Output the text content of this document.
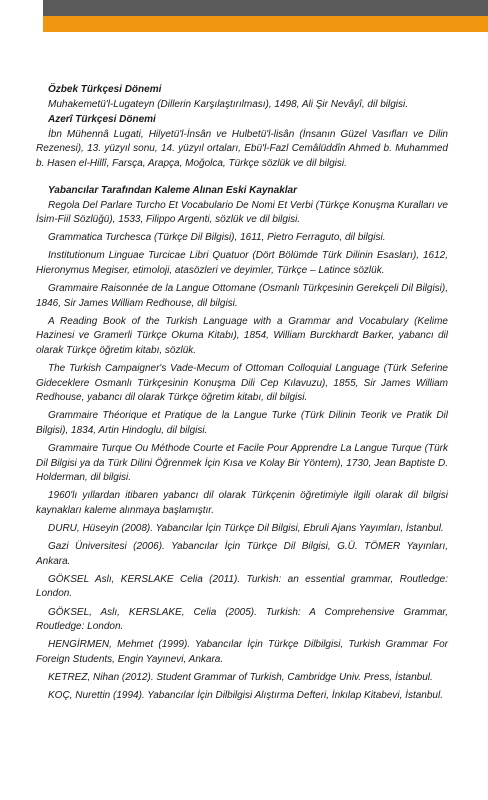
Özbek Türkçesi Dönemi

Muhakemetü'l-Lugateyn (Dillerin Karşılaştırılması), 1498, Ali Şir Nevâyî, dil bilgisi.

Azerî Türkçesi Dönemi

İbn Mühennâ Lugati, Hilyetü'l-İnsân ve Hulbetü'l-lisân (İnsanın Güzel Vasıfları ve Dilin Rezenesi), 13. yüzyıl sonu, 14. yüzyıl ortaları, Ebü'l-Fazl Cemâlüddîn Ahmed b. Muhammed b. Hasen el-Hillî, Farsça, Arapça, Moğolca, Türkçe sözlük ve dil bilgisi.

Yabancılar Tarafından Kaleme Alınan Eski Kaynaklar

Regola Del Parlare Turcho Et Vocabulario De Nomi Et Verbi (Türkçe Konuşma Kuralları ve İsim-Fiil Sözlüğü), 1533, Filippo Argenti, sözlük ve dil bilgisi.

Grammatica Turchesca (Türkçe Dil Bilgisi), 1611, Pietro Ferraguto, dil bilgisi.

Institutionum Linguae Turcicae Libri Quatuor (Dört Bölümde Türk Dilinin Esasları), 1612, Hieronymus Megiser, etimoloji, atasözleri ve deyimler, Türkçe – Latince sözlük.

Grammaire Raisonnée de la Langue Ottomane (Osmanlı Türkçesinin Gerekçeli Dil Bilgisi), 1846, Sir James William Redhouse, dil bilgisi.

A Reading Book of the Turkish Language with a Grammar and Vocabulary (Kelime Hazinesi ve Gramerli Türkçe Okuma Kitabı), 1854, William Burckhardt Barker, yabancı dil olarak Türkçe öğretim kitabı, sözlük.

The Turkish Campaigner's Vade-Mecum of Ottoman Colloquial Language (Türk Seferine Gideceklere Osmanlı Türkçesinin Konuşma Dili Cep Kılavuzu), 1855, Sir James William Redhouse, yabancı dil olarak Türkçe öğretim kitabı, dil bilgisi.

Grammaire Théorique et Pratique de la Langue Turke (Türk Dilinin Teorik ve Pratik Dil Bilgisi), 1834, Artin Hindoglu, dil bilgisi.

Grammaire Turque Ou Méthode Courte et Facile Pour Apprendre La Langue Turque (Türk Dil Bilgisi ya da Türk Dilini Öğrenmek İçin Kısa ve Kolay Bir Yöntem), 1730, Jean Baptiste D. Holderman, dil bilgisi.

1960'lı yıllardan itibaren yabancı dil olarak Türkçenin öğretimiyle ilgili olarak dil bilgisi kaynakları kaleme alınmaya başlamıştır.

DURU, Hüseyin (2008). Yabancılar İçin Türkçe Dil Bilgisi, Ebruli Ajans Yayımları, İstanbul.

Gazi Üniversitesi (2006). Yabancılar İçin Türkçe Dil Bilgisi, G.Ü. TÖMER Yayınları, Ankara.

GÖKSEL Aslı, KERSLAKE Celia (2011). Turkish: an essential grammar, Routledge: London.

GÖKSEL, Aslı, KERSLAKE, Celia (2005). Turkish: A Comprehensive Grammar, Routledge: London.

HENGİRMEN, Mehmet (1999). Yabancılar İçin Türkçe Dilbilgisi, Turkish Grammar For Foreign Students, Engin Yayınevi, Ankara.

KETREZ, Nihan (2012). Student Grammar of Turkish, Cambridge Univ. Press, İstanbul.

KOÇ, Nurettin (1994). Yabancılar İçin Dilbilgisi Alıştırma Defteri, İnkılap Kitabevi, İstanbul.
